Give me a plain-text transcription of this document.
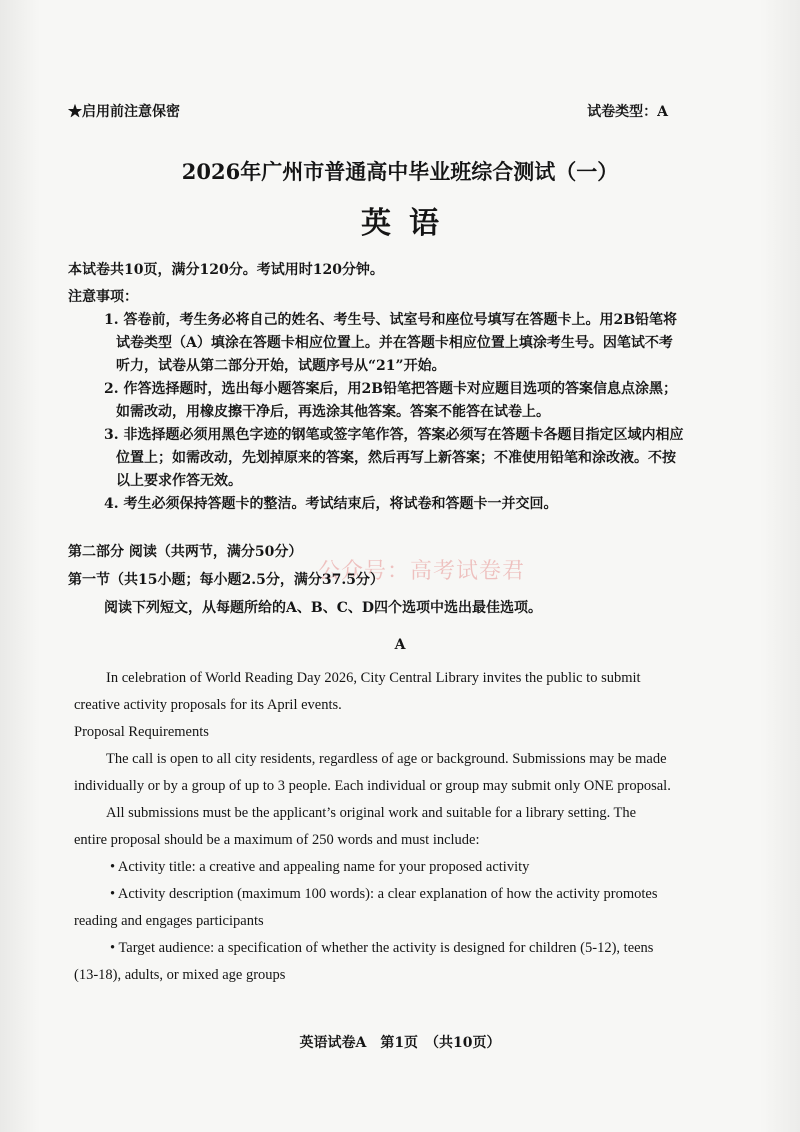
★启用前注意保密	试卷类型：A
2026年广州市普通高中毕业班综合测试（一）
英语
本试卷共10页，满分120分。考试用时120分钟。
注意事项：
1. 答卷前，考生务必将自己的姓名、考生号、试室号和座位号填写在答题卡上。用2B铅笔将试卷类型（A）填涂在答题卡相应位置上。并在答题卡相应位置上填涂考生号。因笔试不考听力，试卷从第二部分开始，试题序号从“21”开始。
2. 作答选择题时，选出每小题答案后，用2B铅笔把答题卡对应题目选项的答案信息点涂黑；如需改动，用橡皮擦干净后，再选涂其他答案。答案不能答在试卷上。
3. 非选择题必须用黑色字迹的钢笔或签字笔作答，答案必须写在答题卡各题目指定区域内相应位置上；如需改动，先划掉原来的答案，然后再写上新答案；不准使用铅笔和涂改液。不按以上要求作答无效。
4. 考生必须保持答题卡的整洁。考试结束后，将试卷和答题卡一并交回。
第二部分 阅读（共两节，满分50分）
公众号：高考试卷君
第一节（共15小题；每小题2.5分，满分37.5分）
阅读下列短文，从每题所给的A、B、C、D四个选项中选出最佳选项。
A

In celebration of World Reading Day 2026, City Central Library invites the public to submit creative activity proposals for its April events.

Proposal Requirements

The call is open to all city residents, regardless of age or background. Submissions may be made individually or by a group of up to 3 people. Each individual or group may submit only ONE proposal.

All submissions must be the applicant’s original work and suitable for a library setting. The entire proposal should be a maximum of 250 words and must include:

• Activity title: a creative and appealing name for your proposed activity

• Activity description (maximum 100 words): a clear explanation of how the activity promotes reading and engages participants

• Target audience: a specification of whether the activity is designed for children (5-12), teens (13-18), adults, or mixed age groups

英语试卷A　第1页　（共10页）
